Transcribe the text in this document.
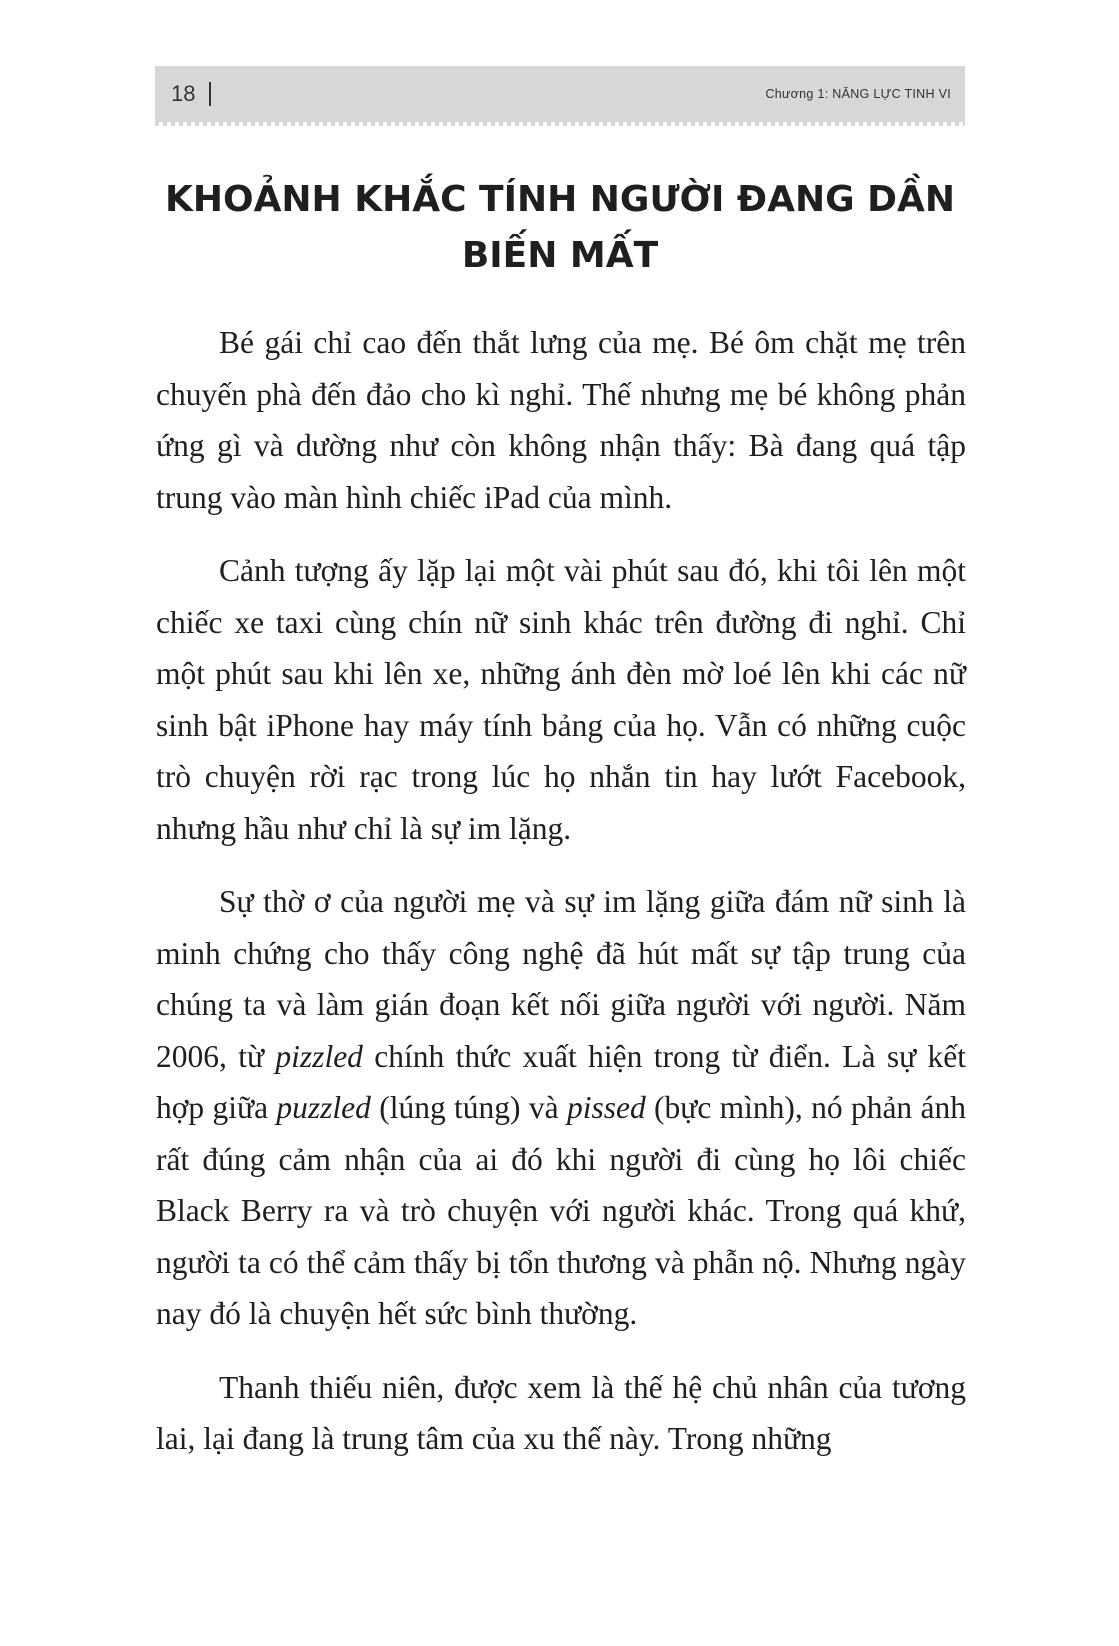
18	Chương 1: NĂNG LỰC TINH VI
KHOẢNH KHẮC TÍNH NGƯỜI ĐANG DẦN
BIẾN MẤT

Bé gái chỉ cao đến thắt lưng của mẹ. Bé ôm chặt mẹ trên chuyến phà đến đảo cho kì nghỉ. Thế nhưng mẹ bé không phản ứng gì và dường như còn không nhận thấy: Bà đang quá tập trung vào màn hình chiếc iPad của mình.

Cảnh tượng ấy lặp lại một vài phút sau đó, khi tôi lên một chiếc xe taxi cùng chín nữ sinh khác trên đường đi nghỉ. Chỉ một phút sau khi lên xe, những ánh đèn mờ loé lên khi các nữ sinh bật iPhone hay máy tính bảng của họ. Vẫn có những cuộc trò chuyện rời rạc trong lúc họ nhắn tin hay lướt Facebook, nhưng hầu như chỉ là sự im lặng.

Sự thờ ơ của người mẹ và sự im lặng giữa đám nữ sinh là minh chứng cho thấy công nghệ đã hút mất sự tập trung của chúng ta và làm gián đoạn kết nối giữa người với người. Năm 2006, từ pizzled chính thức xuất hiện trong từ điển. Là sự kết hợp giữa puzzled (lúng túng) và pissed (bực mình), nó phản ánh rất đúng cảm nhận của ai đó khi người đi cùng họ lôi chiếc Black Berry ra và trò chuyện với người khác. Trong quá khứ, người ta có thể cảm thấy bị tổn thương và phẫn nộ. Nhưng ngày nay đó là chuyện hết sức bình thường.

Thanh thiếu niên, được xem là thế hệ chủ nhân của tương lai, lại đang là trung tâm của xu thế này. Trong những
